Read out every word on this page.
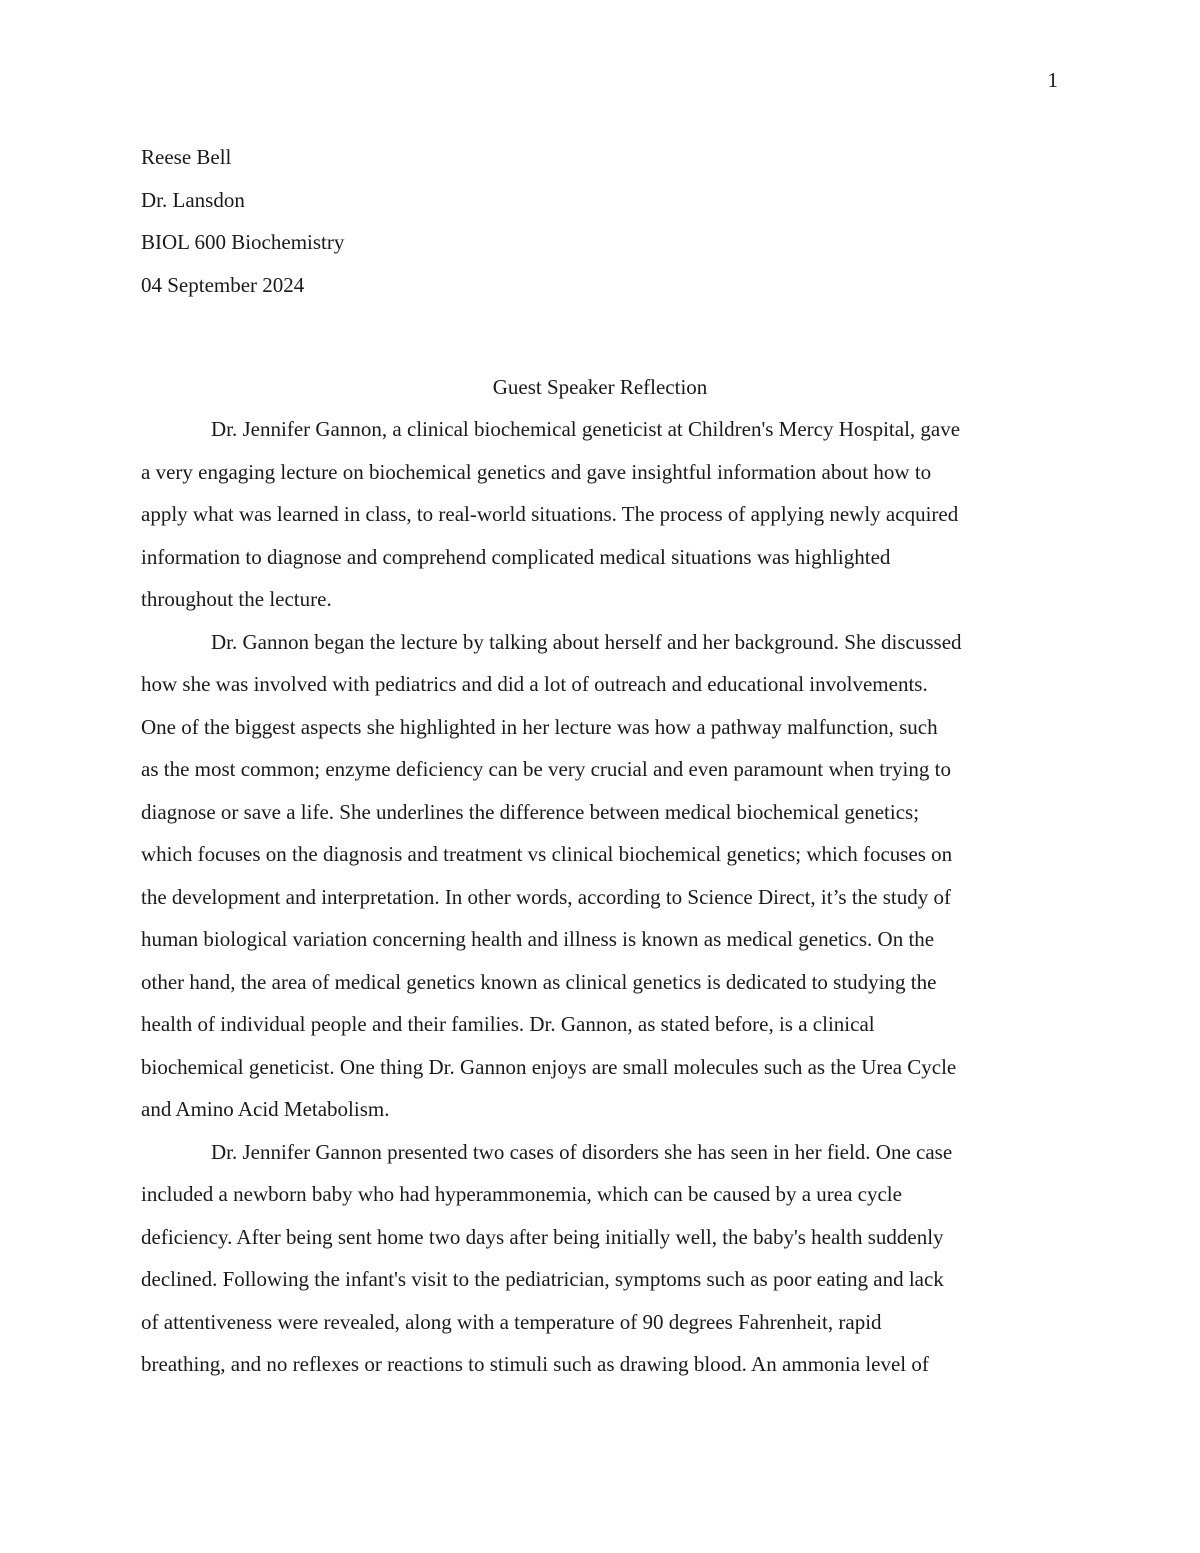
1
Reese Bell
Dr. Lansdon
BIOL 600 Biochemistry
04 September 2024
Guest Speaker Reflection
Dr. Jennifer Gannon, a clinical biochemical geneticist at Children's Mercy Hospital, gave
a very engaging lecture on biochemical genetics and gave insightful information about how to
apply what was learned in class, to real-world situations. The process of applying newly acquired
information to diagnose and comprehend complicated medical situations was highlighted
throughout the lecture.
Dr. Gannon began the lecture by talking about herself and her background. She discussed
how she was involved with pediatrics and did a lot of outreach and educational involvements.
One of the biggest aspects she highlighted in her lecture was how a pathway malfunction, such
as the most common; enzyme deficiency can be very crucial and even paramount when trying to
diagnose or save a life. She underlines the difference between medical biochemical genetics;
which focuses on the diagnosis and treatment vs clinical biochemical genetics; which focuses on
the development and interpretation. In other words, according to Science Direct, it’s the study of
human biological variation concerning health and illness is known as medical genetics. On the
other hand, the area of medical genetics known as clinical genetics is dedicated to studying the
health of individual people and their families. Dr. Gannon, as stated before, is a clinical
biochemical geneticist. One thing Dr. Gannon enjoys are small molecules such as the Urea Cycle
and Amino Acid Metabolism.
Dr. Jennifer Gannon presented two cases of disorders she has seen in her field. One case
included a newborn baby who had hyperammonemia, which can be caused by a urea cycle
deficiency. After being sent home two days after being initially well, the baby's health suddenly
declined. Following the infant's visit to the pediatrician, symptoms such as poor eating and lack
of attentiveness were revealed, along with a temperature of 90 degrees Fahrenheit, rapid
breathing, and no reflexes or reactions to stimuli such as drawing blood. An ammonia level of
